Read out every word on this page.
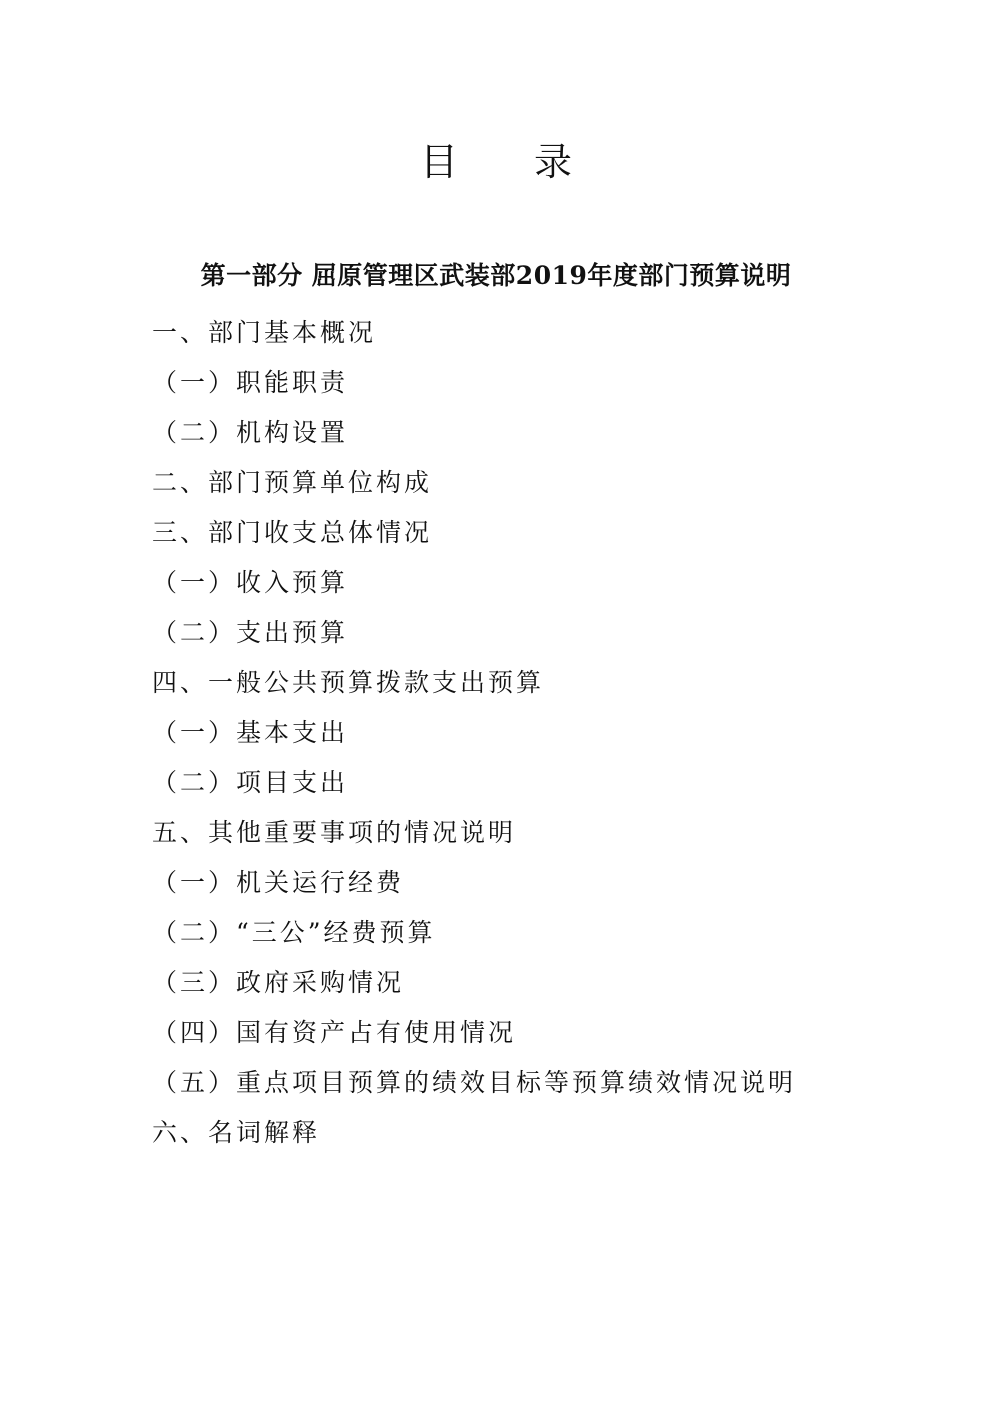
目 录
第一部分 屈原管理区武装部2019年度部门预算说明
一、部门基本概况
（一）职能职责
（二）机构设置
二、部门预算单位构成
三、部门收支总体情况
（一）收入预算
（二）支出预算
四、一般公共预算拨款支出预算
（一）基本支出
（二）项目支出
五、其他重要事项的情况说明
（一）机关运行经费
（二）“三公”经费预算
（三）政府采购情况
（四）国有资产占有使用情况
（五）重点项目预算的绩效目标等预算绩效情况说明
六、名词解释
